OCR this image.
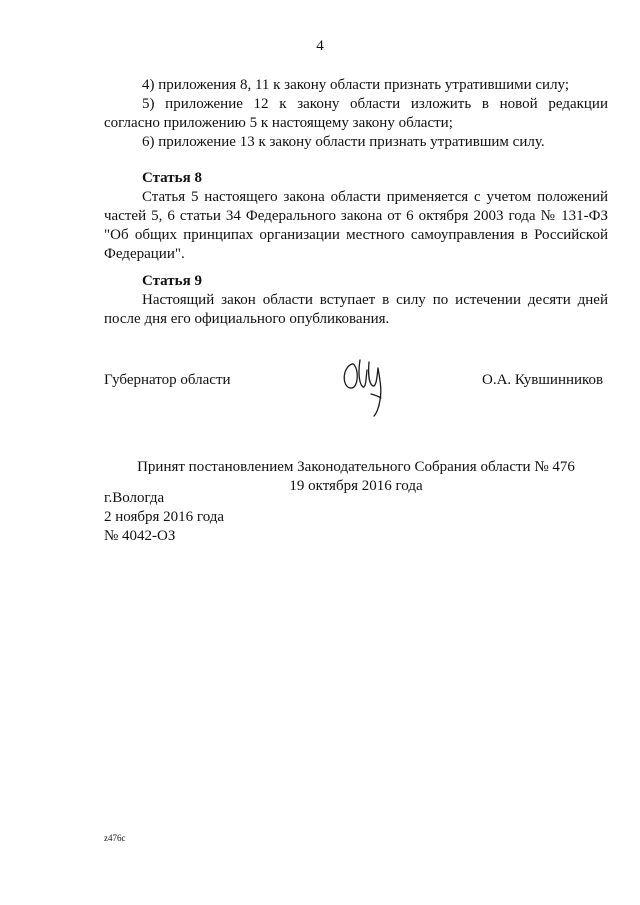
4
4) приложения 8, 11 к закону области признать утратившими силу;
5) приложение 12 к закону области изложить в новой редакции
согласно приложению 5 к настоящему закону области;
6) приложение 13 к закону области признать утратившим силу.
Статья 8
Статья 5 настоящего закона области применяется с учетом положений
частей 5, 6 статьи 34 Федерального закона от 6 октября 2003 года № 131-ФЗ
"Об общих принципах организации местного самоуправления в Российской
Федерации".
Статья 9
Настоящий закон области вступает в силу по истечении десяти дней
после дня его официального опубликования.
Губернатор области	О.А. Кувшинников
Принят постановлением Законодательного Собрания области № 476
19 октября 2016 года
г.Вологда
2 ноября 2016 года
№ 4042-ОЗ
z476c
